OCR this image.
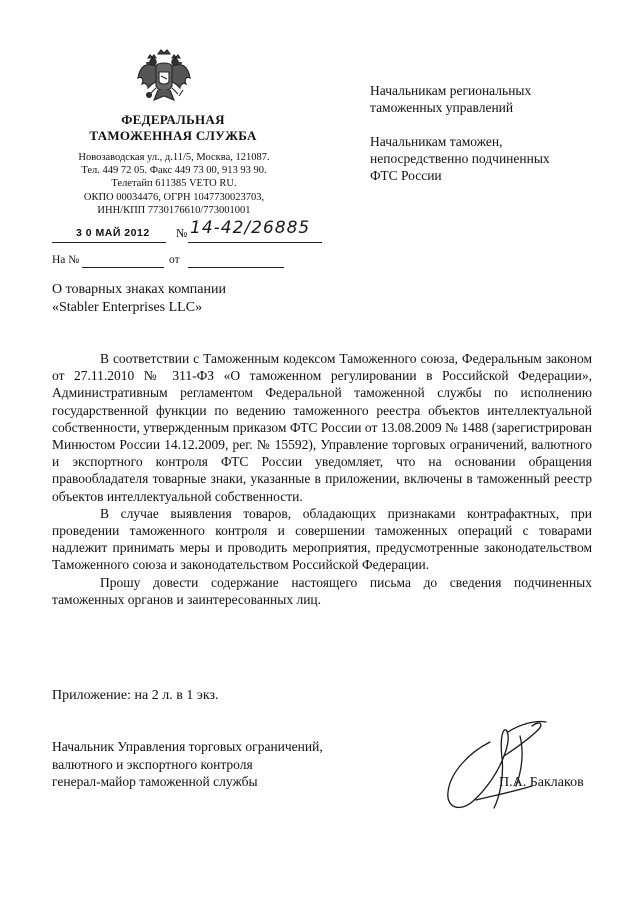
ФЕДЕРАЛЬНАЯ
ТАМОЖЕННАЯ СЛУЖБА
Новозаводская ул., д.11/5, Москва, 121087.
Тел. 449 72 05. Факс 449 73 00, 913 93 90.
Телетайп 611385 VETO RU.
ОКПО 00034476, ОГРН 1047730023703,
ИНН/КПП 7730176610/773001001
3 0 МАЙ 2012 № 14-42/26885
На №	от
Начальникам региональных
таможенных управлений
Начальникам таможен,
непосредственно подчиненных
ФТС России
О товарных знаках компании
«Stabler Enterprises LLC»

В соответствии с Таможенным кодексом Таможенного союза, Федеральным законом от 27.11.2010 № 311-ФЗ «О таможенном регулировании в Российской Федерации», Административным регламентом Федеральной таможенной службы по исполнению государственной функции по ведению таможенного реестра объектов интеллектуальной собственности, утвержденным приказом ФТС России от 13.08.2009 № 1488 (зарегистрирован Минюстом России 14.12.2009, рег. № 15592), Управление торговых ограничений, валютного и экспортного контроля ФТС России уведомляет, что на основании обращения правообладателя товарные знаки, указанные в приложении, включены в таможенный реестр объектов интеллектуальной собственности.

В случае выявления товаров, обладающих признаками контрафактных, при проведении таможенного контроля и совершении таможенных операций с товарами надлежит принимать меры и проводить мероприятия, предусмотренные законодательством Таможенного союза и законодательством Российской Федерации.

Прошу довести содержание настоящего письма до сведения подчиненных таможенных органов и заинтересованных лиц.

Приложение: на 2 л. в 1 экз.
Начальник Управления торговых ограничений,
валютного и экспортного контроля
генерал-майор таможенной службы	П.А. Баклаков
